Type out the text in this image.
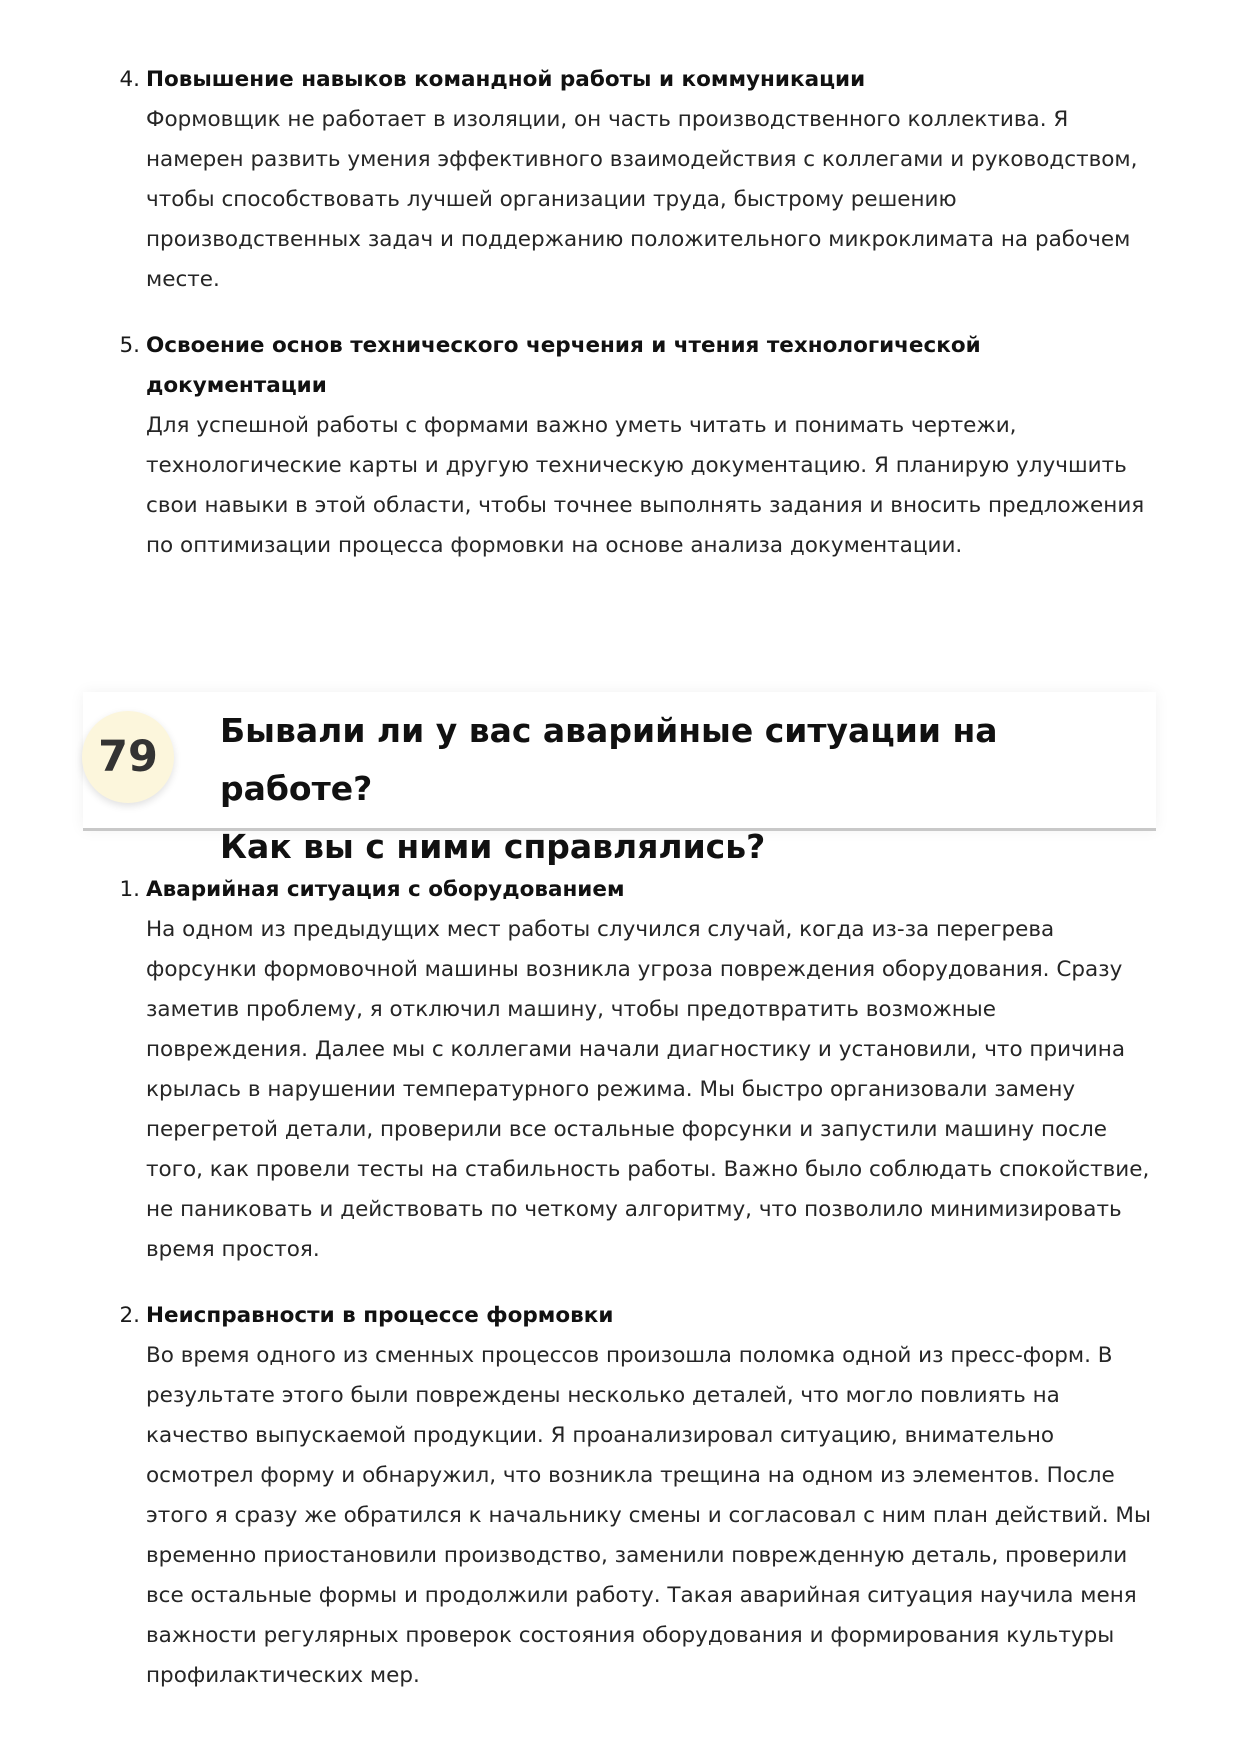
4. Повышение навыков командной работы и коммуникации
Формовщик не работает в изоляции, он часть производственного коллектива. Я
намерен развить умения эффективного взаимодействия с коллегами и руководством,
чтобы способствовать лучшей организации труда, быстрому решению
производственных задач и поддержанию положительного микроклимата на рабочем
месте.
5. Освоение основ технического черчения и чтения технологической документации
Для успешной работы с формами важно уметь читать и понимать чертежи,
технологические карты и другую техническую документацию. Я планирую улучшить
свои навыки в этой области, чтобы точнее выполнять задания и вносить предложения
по оптимизации процесса формовки на основе анализа документации.
79
Бывали ли у вас аварийные ситуации на работе?
Как вы с ними справлялись?
1. Аварийная ситуация с оборудованием
На одном из предыдущих мест работы случился случай, когда из-за перегрева
форсунки формовочной машины возникла угроза повреждения оборудования. Сразу
заметив проблему, я отключил машину, чтобы предотвратить возможные
повреждения. Далее мы с коллегами начали диагностику и установили, что причина
крылась в нарушении температурного режима. Мы быстро организовали замену
перегретой детали, проверили все остальные форсунки и запустили машину после
того, как провели тесты на стабильность работы. Важно было соблюдать спокойствие,
не паниковать и действовать по четкому алгоритму, что позволило минимизировать
время простоя.
2. Неисправности в процессе формовки
Во время одного из сменных процессов произошла поломка одной из пресс-форм. В
результате этого были повреждены несколько деталей, что могло повлиять на
качество выпускаемой продукции. Я проанализировал ситуацию, внимательно
осмотрел форму и обнаружил, что возникла трещина на одном из элементов. После
этого я сразу же обратился к начальнику смены и согласовал с ним план действий. Мы
временно приостановили производство, заменили поврежденную деталь, проверили
все остальные формы и продолжили работу. Такая аварийная ситуация научила меня
важности регулярных проверок состояния оборудования и формирования культуры
профилактических мер.
